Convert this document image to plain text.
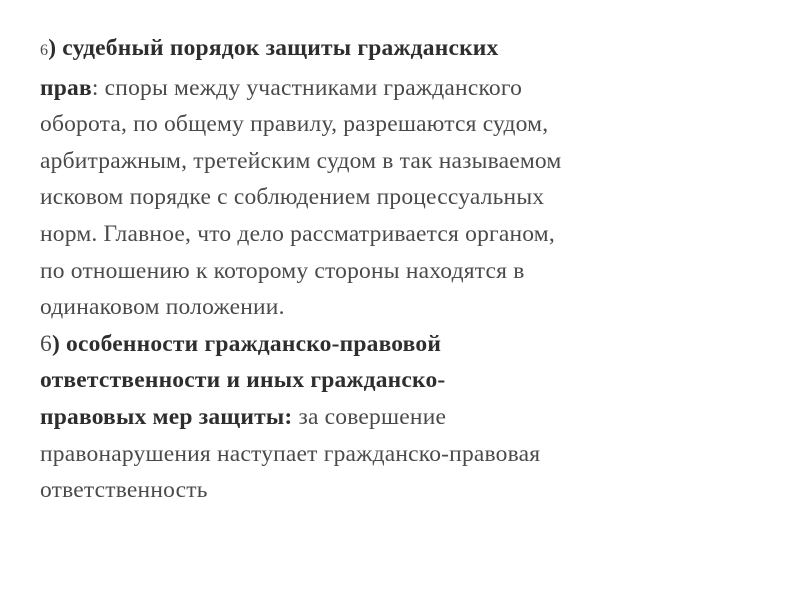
6) судебный порядок защиты гражданских
прав: споры между участниками гражданского
оборота, по общему правилу, разрешаются судом,
арбитражным, третейским судом в так называемом
исковом порядке с соблюдением процессуальных
норм. Главное, что дело рассматривается органом,
по отношению к которому стороны находятся в
одинаковом положении.

6) особенности гражданско-правовой
ответственности и иных гражданско-
правовых мер защиты: за совершение
правонарушения наступает гражданско-правовая
ответственность
